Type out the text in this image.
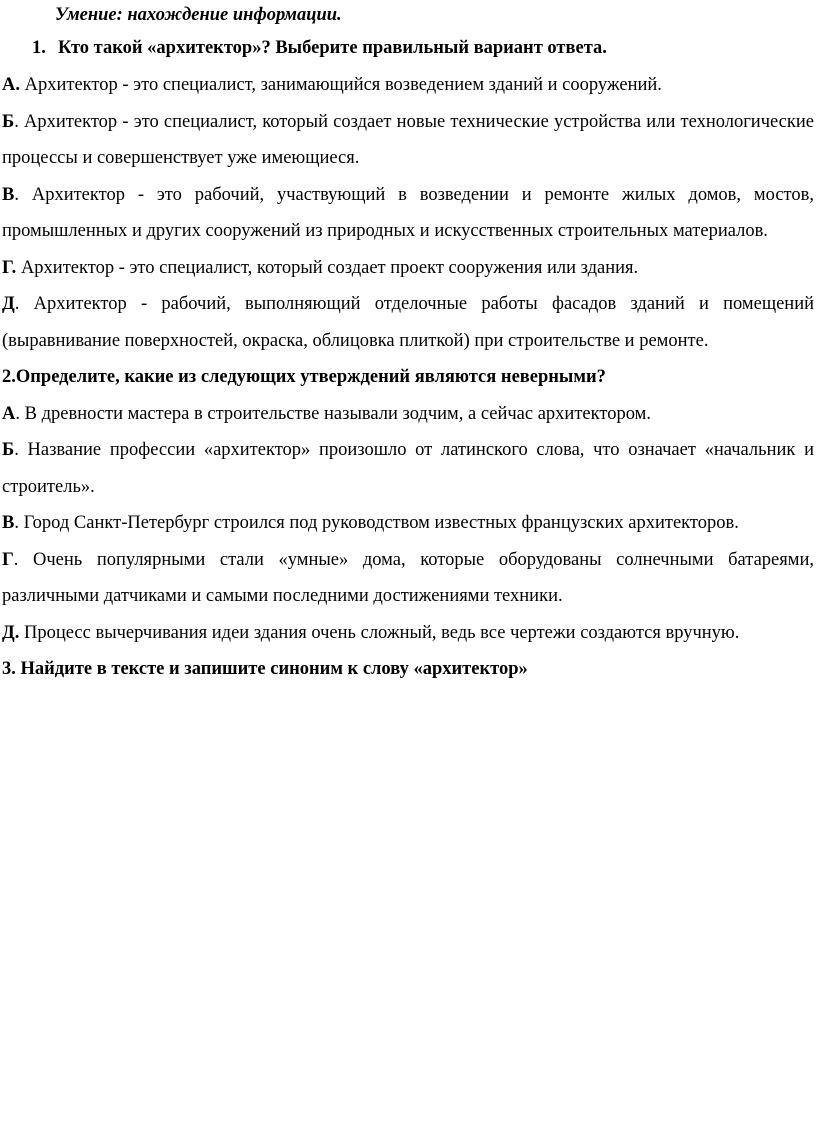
Умение: нахождение информации.

1. Кто такой «архитектор»? Выберите правильный вариант ответа.

А. Архитектор - это специалист, занимающийся возведением зданий и сооружений.

Б. Архитектор - это специалист, который создает новые технические устройства или технологические процессы и совершенствует уже имеющиеся.

В. Архитектор - это рабочий, участвующий в возведении и ремонте жилых домов, мостов, промышленных и других сооружений из природных и искусственных строительных материалов.

Г. Архитектор - это специалист, который создает проект сооружения или здания.

Д. Архитектор - рабочий, выполняющий отделочные работы фасадов зданий и помещений (выравнивание поверхностей, окраска, облицовка плиткой) при строительстве и ремонте.

2.Определите, какие из следующих утверждений являются неверными?

А. В древности мастера в строительстве называли зодчим, а сейчас архитектором.

Б. Название профессии «архитектор» произошло от латинского слова, что означает «начальник и строитель».

В. Город Санкт-Петербург строился под руководством известных французских архитекторов.

Г. Очень популярными стали «умные» дома, которые оборудованы солнечными батареями, различными датчиками и самыми последними достижениями техники.

Д. Процесс вычерчивания идеи здания очень сложный, ведь все чертежи создаются вручную.

3. Найдите в тексте и запишите синоним к слову «архитектор»
